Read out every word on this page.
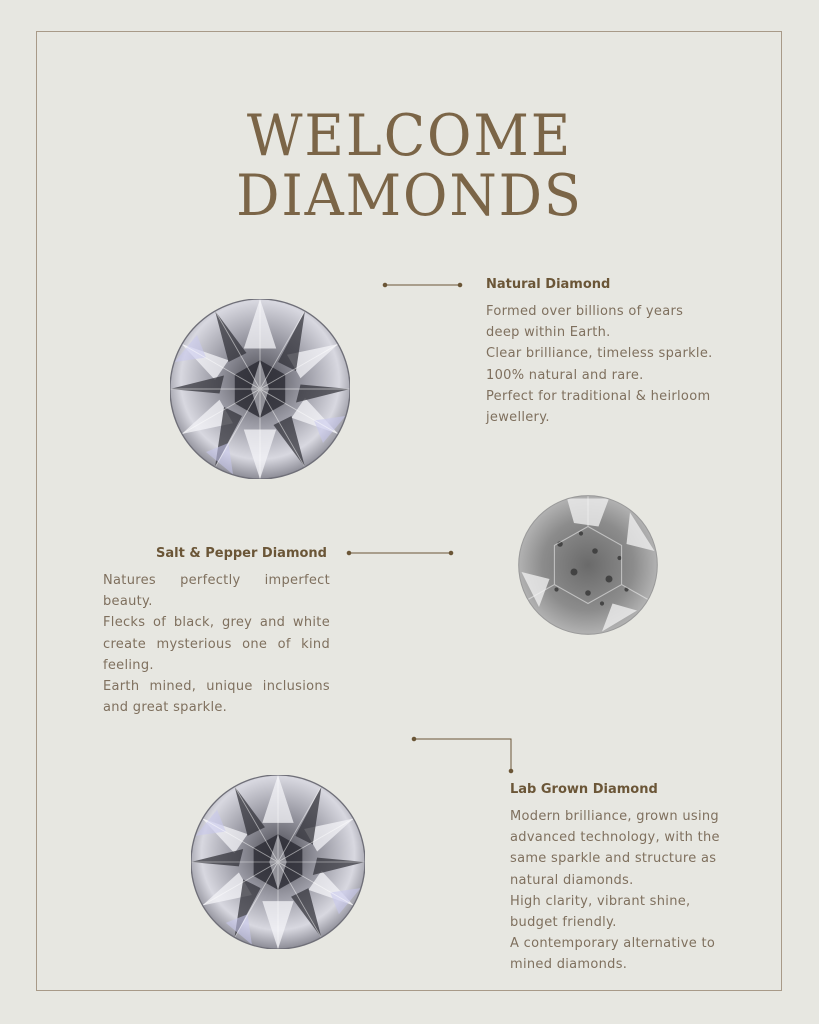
WELCOME
DIAMONDS
Natural Diamond

Formed over billions of years deep within Earth.

Clear brilliance, timeless sparkle.

100% natural and rare.

Perfect for traditional & heirloom jewellery.

Salt & Pepper Diamond

Natures perfectly imperfect beauty.

Flecks of black, grey and white create mysterious one of kind feeling.

Earth mined, unique inclusions and great sparkle.

Lab Grown Diamond

Modern brilliance, grown using advanced technology, with the same sparkle and structure as natural diamonds.

High clarity, vibrant shine, budget friendly.

A contemporary alternative to mined diamonds.
